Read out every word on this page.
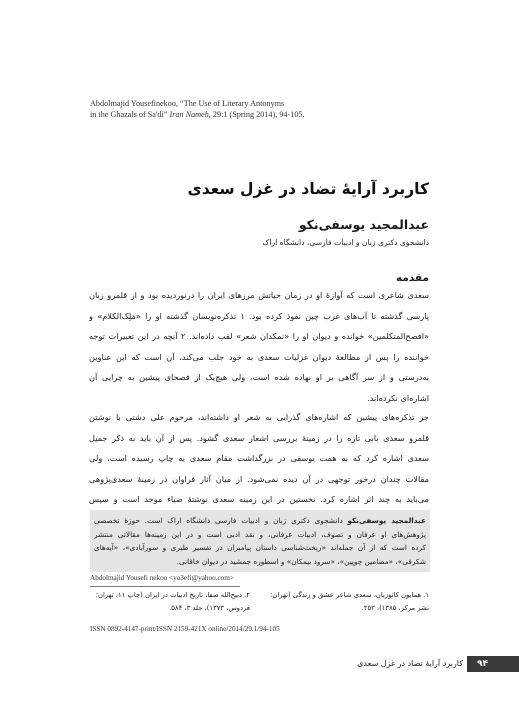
Abdolmajid Yousefinekoo, “The Use of Literary Antonyms
in the Ghazals of Sa'di” Iran Nameh, 29:1 (Spring 2014), 94-105.
کاربرد آرایهٔ تضاد در غزل سعدی
عبدالمجید یوسفی‌نکو
دانشجوی دکتری زبان و ادبیات فارسی، دانشگاه اراک
مقدمه
سعدی شاعری است که آوازهٔ او در زمان حیاتش مرزهای ایران را درنوردیده بود و از قلمرو زبان
پارسی گذشته تا آب‌های غرب چین نفوذ کرده بود. ۱ تذکره‌نویسان گذشته او را «مَلِک‌الکلام» و
«افصح‌المتکلمین» خوانده و دیوان او را «نمکدان شعر» لقب داده‌اند. ۲ آنچه در این تعبیرات توجه
خواننده را پس از مطالعهٔ دیوان غزلیات سعدی به خود جلب می‌کند، آن است که این عناوین
به‌درستی و از سر آگاهی بر او نهاده شده است، ولی هیچ‌یک از فصحای پیشین به چرایی آن
اشاره‌ای نکرده‌اند.
جز تذکره‌های پیشین که اشاره‌های گذرایی به شعر او داشته‌اند، مرحوم علی دشتی با نوشتن
قلمرو سعدی بابی تازه را در زمینهٔ بررسی اشعار سعدی گشود. پس از آن باید به ذکر جمیل
سعدی اشاره کرد که به همت یوسفی در بزرگداشت مقام سعدی به چاپ رسیده است، ولی
مقالات چندان درخور توجهی در آن دیده نمی‌شود. از میان آثار فراوان در زمینهٔ سعدی‌پژوهی
می‌باید به چند اثر اشاره کرد. نخستین در این زمینه سعدی نوشتهٔ ضیاء موحد است و سپس
عبدالمجید یوسفی‌نکو دانشجوی دکتری زبان و ادبیات فارسی دانشگاه اراک است. حوزهٔ تخصصی
پژوهش‌های او عرفان و تصوف، ادبیات عرفانی، و نقد ادبی است و در این زمینه‌ها مقالاتی منتشر
کرده است که از آن جمله‌اند «ریخت‌شناسی داستان پیامبران در تفسیر طبری و سورآبادی»، «آیه‌های
شکرفی»، «مضامین چوپین»، «سرود بیمکان» و اسطوره جمشید در دیوان خاقانی.
Abdolmajid Yousefi nekoo <yo3efi@yahoo.com>
۱. همایون کاتوزیان، سعدی شاعر عشق و زندگی (تهران: نشر مرکز، ۱۳۸۵)، ۲۵۳.
۲. ذبیح‌الله صفا، تاریخ ادبیات در ایران (چاپ ۱۱، تهران: فردوس، ۱۳۷۳)، جلد ۳، ۵۸۴.
ISSN 0892-4147-print/ISSN 2159-421X online/2014/29.1/94-105
۹۴
کاربرد آرایهٔ تضاد در غزل سعدی
